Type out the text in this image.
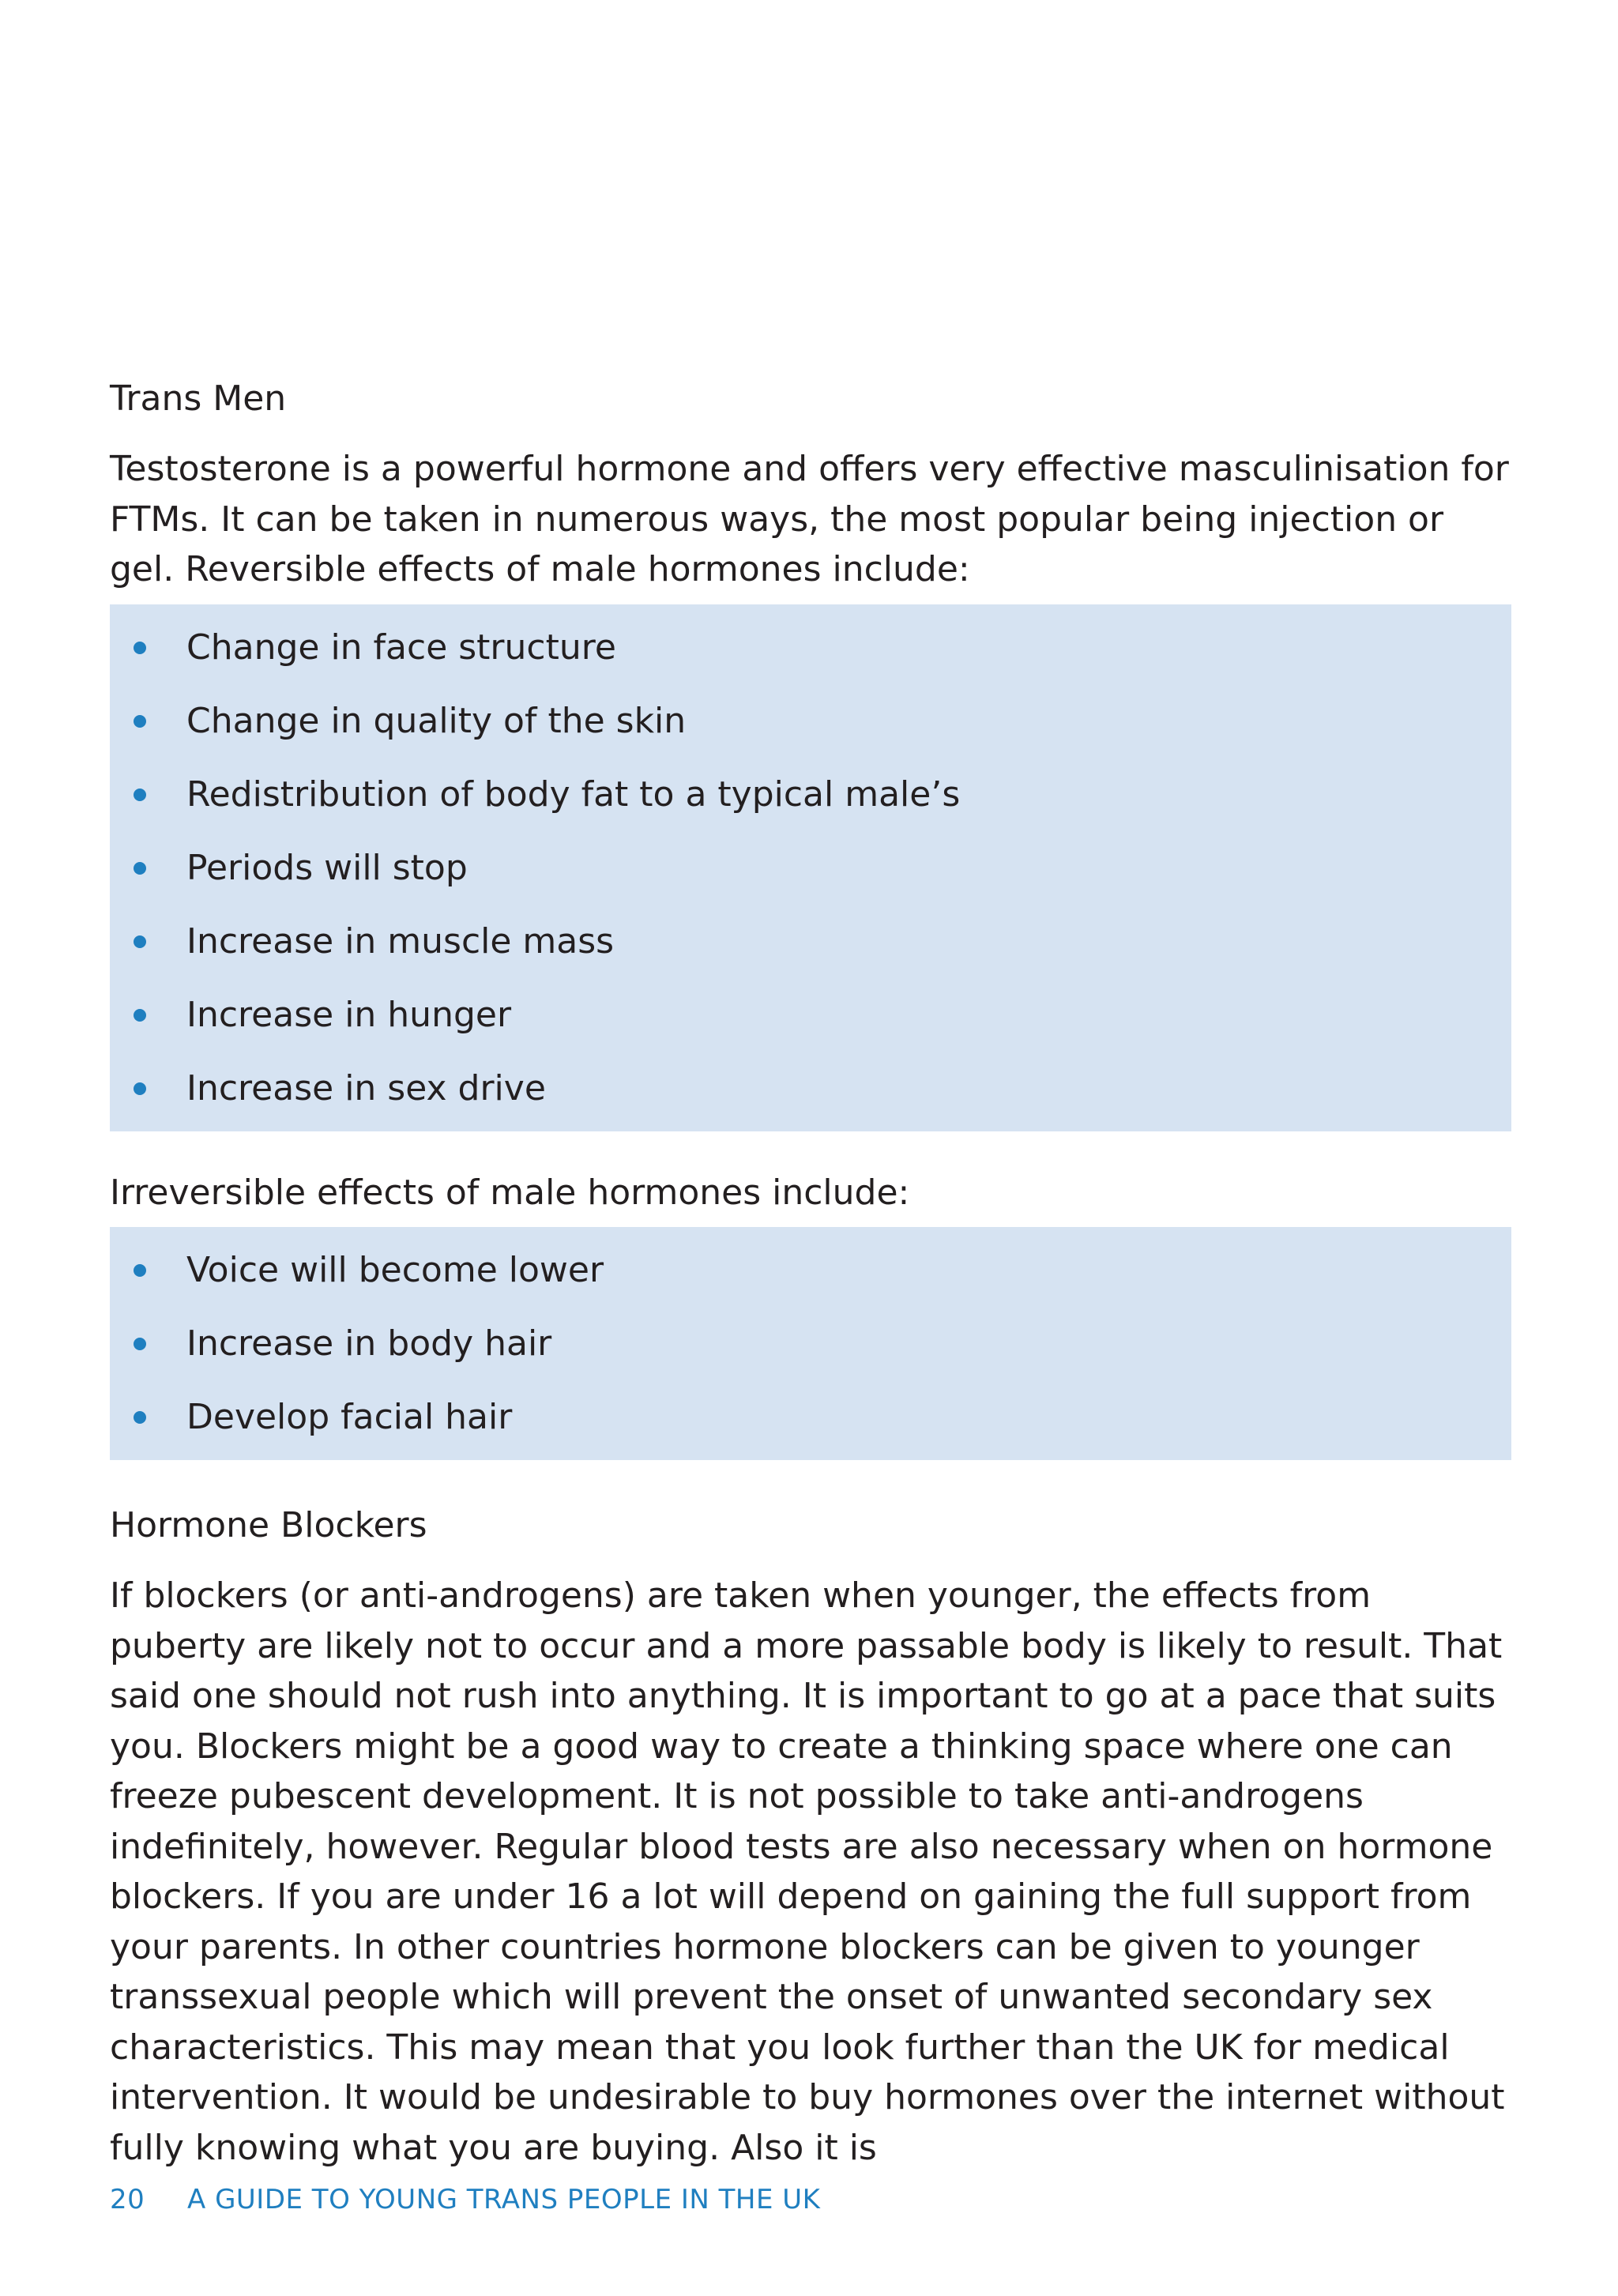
Trans Men

Testosterone is a powerful hormone and offers very effective masculinisation for FTMs. It can be taken in numerous ways, the most popular being injection or gel. Reversible effects of male hormones include:

Change in face structure
Change in quality of the skin
Redistribution of body fat to a typical male’s
Periods will stop
Increase in muscle mass
Increase in hunger
Increase in sex drive

Irreversible effects of male hormones include:

Voice will become lower
Increase in body hair
Develop facial hair
Hormone Blockers

If blockers (or anti-androgens) are taken when younger, the effects from puberty are likely not to occur and a more passable body is likely to result. That said one should not rush into anything. It is important to go at a pace that suits you. Blockers might be a good way to create a thinking space where one can freeze pubescent development. It is not possible to take anti-androgens indefinitely, however. Regular blood tests are also necessary when on hormone blockers. If you are under 16 a lot will depend on gaining the full support from your parents. In other countries hormone blockers can be given to younger transsexual people which will prevent the onset of unwanted secondary sex characteristics. This may mean that you look further than the UK for medical intervention. It would be undesirable to buy hormones over the internet without fully knowing what you are buying. Also it is

20 A GUIDE TO YOUNG TRANS PEOPLE IN THE UK
